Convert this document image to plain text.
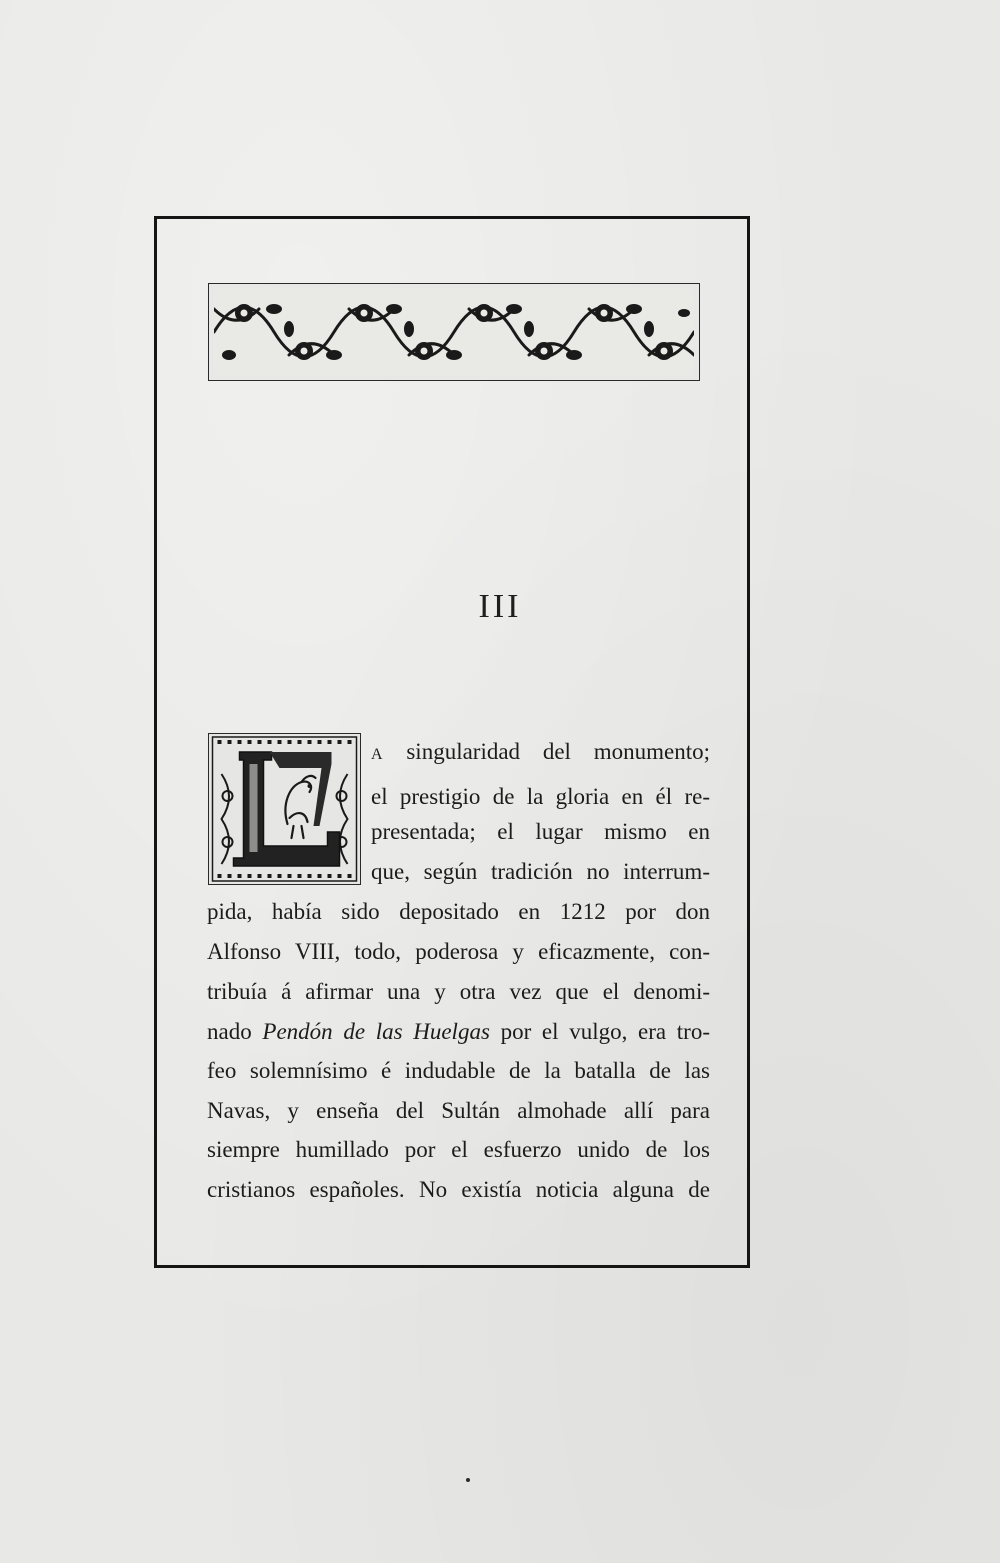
III
A singularidad del monumento;
el prestigio de la gloria en él re-
presentada; el lugar mismo en
que, según tradición no interrum-
pida, había sido depositado en 1212 por don
Alfonso VIII, todo, poderosa y eficazmente, con-
tribuía á afirmar una y otra vez que el denomi-
nado Pendón de las Huelgas por el vulgo, era tro-
feo solemnísimo é indudable de la batalla de las
Navas, y enseña del Sultán almohade allí para
siempre humillado por el esfuerzo unido de los
cristianos españoles. No existía noticia alguna de
